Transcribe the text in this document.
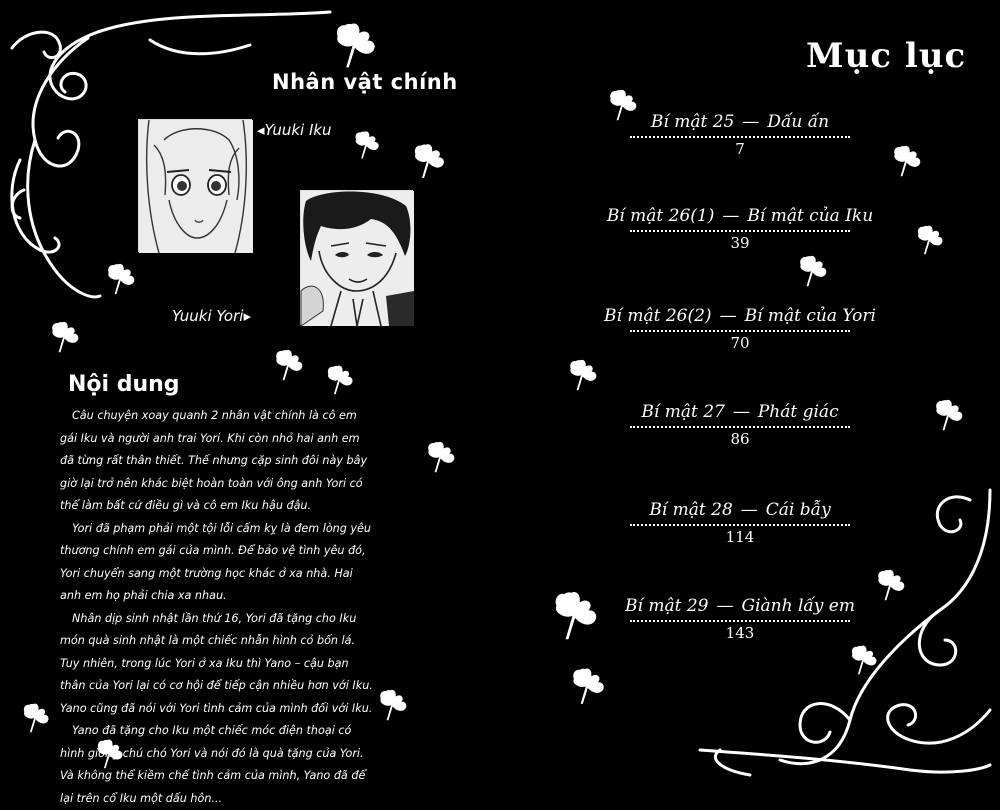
Nhân vật chính
◂Yuuki Iku
Yuuki Yori▸
Nội dung

Câu chuyện xoay quanh 2 nhân vật chính là cô em gái Iku và người anh trai Yori. Khi còn nhỏ hai anh em đã từng rất thân thiết. Thế nhưng cặp sinh đôi này bây giờ lại trở nên khác biệt hoàn toàn với ông anh Yori có thể làm bất cứ điều gì và cô em Iku hậu đậu.

Yori đã phạm phải một tội lỗi cấm kỵ là đem lòng yêu thương chính em gái của mình. Để bảo vệ tình yêu đó, Yori chuyển sang một trường học khác ở xa nhà. Hai anh em họ phải chia xa nhau.

Nhân dịp sinh nhật lần thứ 16, Yori đã tặng cho Iku món quà sinh nhật là một chiếc nhẫn hình cỏ bốn lá. Tuy nhiên, trong lúc Yori ở xa Iku thì Yano – cậu bạn thân của Yori lại có cơ hội để tiếp cận nhiều hơn với Iku. Yano cũng đã nói với Yori tình cảm của mình đối với Iku.

Yano đã tặng cho Iku một chiếc móc điện thoại có hình giống chú chó Yori và nói đó là quà tặng của Yori. Và không thể kiềm chế tình cảm của mình, Yano đã để lại trên cổ Iku một dấu hôn...

Mục lục
Bí mật 25 — Dấu ấn
7
Bí mật 26(1) — Bí mật của Iku
39
Bí mật 26(2) — Bí mật của Yori
70
Bí mật 27 — Phát giác
86
Bí mật 28 — Cái bẫy
114
Bí mật 29 — Giành lấy em
143
